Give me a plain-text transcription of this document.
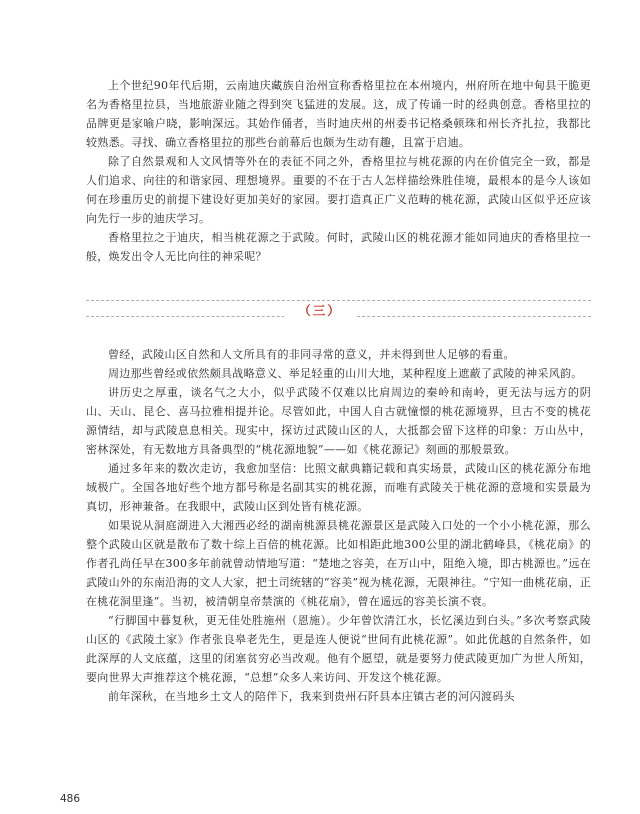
上个世纪90年代后期，云南迪庆藏族自治州宣称香格里拉在本州境内，州府所在地中甸县干脆更名为香格里拉县，当地旅游业随之得到突飞猛进的发展。这，成了传诵一时的经典创意。香格里拉的品牌更是家喻户晓，影响深远。其始作俑者，当时迪庆州的州委书记格桑顿珠和州长齐扎拉，我都比较熟悉。寻找、确立香格里拉的那些台前幕后也颇为生动有趣，且富于启迪。

除了自然景观和人文风情等外在的表征不同之外，香格里拉与桃花源的内在价值完全一致，都是人们追求、向往的和谐家园、理想境界。重要的不在于古人怎样描绘殊胜佳境，最根本的是今人该如何在珍重历史的前提下建设好更加美好的家园。要打造真正广义范畴的桃花源，武陵山区似乎还应该向先行一步的迪庆学习。

香格里拉之于迪庆，相当桃花源之于武陵。何时，武陵山区的桃花源才能如同迪庆的香格里拉一般，焕发出令人无比向往的神采呢？

（三）

曾经，武陵山区自然和人文所具有的非同寻常的意义，并未得到世人足够的看重。

周边那些曾经或依然颇具战略意义、举足轻重的山川大地，某种程度上遮蔽了武陵的神采风韵。

讲历史之厚重，谈名气之大小，似乎武陵不仅难以比肩周边的秦岭和南岭，更无法与远方的阴山、天山、昆仑、喜马拉雅相提并论。尽管如此，中国人自古就憧憬的桃花源境界，旦古不变的桃花源情结，却与武陵息息相关。现实中，探访过武陵山区的人，大抵都会留下这样的印象：万山丛中，密林深处，有无数地方具备典型的“桃花源地貌”——如《桃花源记》刻画的那般景致。

通过多年来的数次走访，我愈加坚信：比照文献典籍记载和真实场景，武陵山区的桃花源分布地域极广。全国各地好些个地方都号称是名副其实的桃花源，而唯有武陵关于桃花源的意境和实景最为真切，形神兼备。在我眼中，武陵山区到处皆有桃花源。

如果说从洞庭湖进入大湘西必经的湖南桃源县桃花源景区是武陵入口处的一个小小桃花源，那么整个武陵山区就是散布了数十综上百倍的桃花源。比如相距此地300公里的湖北鹤峰县，《桃花扇》的作者孔尚任早在300多年前就曾动情地写道：“楚地之容美，在万山中，阻绝入境，即古桃源也。”远在武陵山外的东南沿海的文人大家，把土司统辖的“容美”视为桃花源，无限神往。“宁知一曲桃花扇，正在桃花洞里逢”。当初，被清朝皇帝禁演的《桃花扇》，曾在遥远的容美长演不衰。

“行脚国中暮复秋，更无佳处胜施州（恩施）。少年曾饮清江水，长忆溪边到白头。”多次考察武陵山区的《武陵土家》作者张良皋老先生，更是连人便说“世间有此桃花源”。如此优越的自然条件，如此深厚的人文底蕴，这里的闭塞贫穷必当改观。他有个愿望，就是要努力使武陵更加广为世人所知，要向世界大声推荐这个桃花源，“总想”众多人来访问、开发这个桃花源。

前年深秋，在当地乡土文人的陪伴下，我来到贵州石阡县本庄镇古老的河闪渡码头

486
